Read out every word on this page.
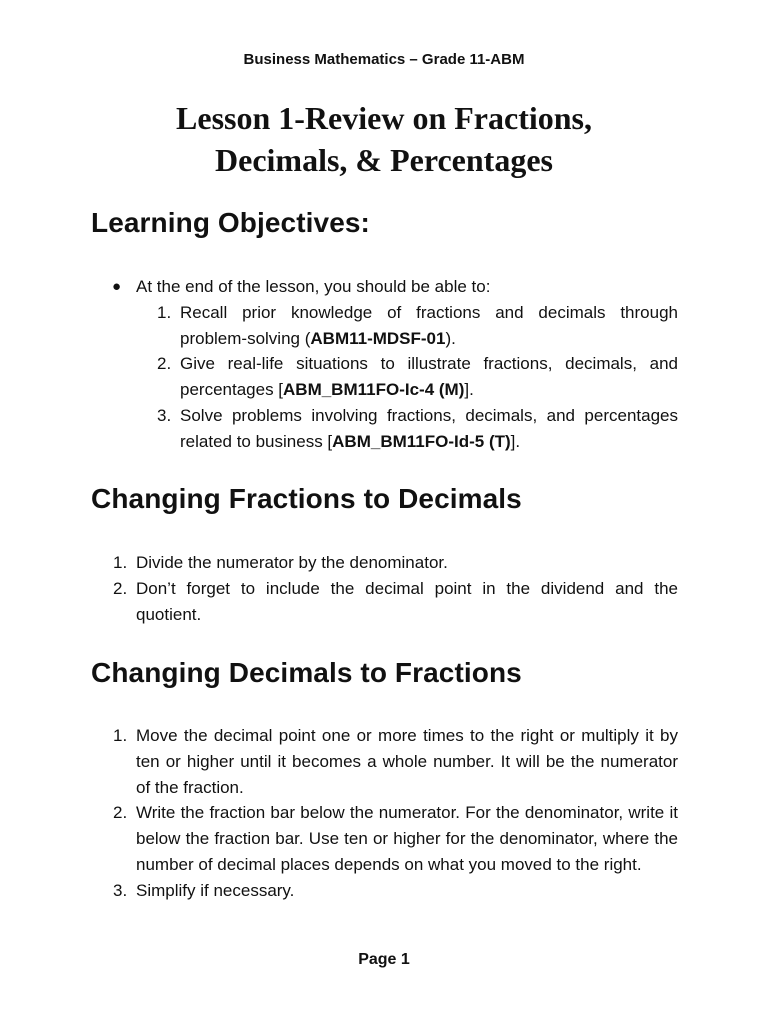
Business Mathematics – Grade 11-ABM
Lesson 1-Review on Fractions,
Decimals, & Percentages
Learning Objectives:
● At the end of the lesson, you should be able to:
1. Recall prior knowledge of fractions and decimals through problem-solving (ABM11-MDSF-01).
2. Give real-life situations to illustrate fractions, decimals, and percentages [ABM_BM11FO-Ic-4 (M)].
3. Solve problems involving fractions, decimals, and percentages related to business [ABM_BM11FO-Id-5 (T)].
Changing Fractions to Decimals
1. Divide the numerator by the denominator.
2. Don’t forget to include the decimal point in the dividend and the quotient.
Changing Decimals to Fractions
1. Move the decimal point one or more times to the right or multiply it by ten or higher until it becomes a whole number. It will be the numerator of the fraction.
2. Write the fraction bar below the numerator. For the denominator, write it below the fraction bar. Use ten or higher for the denominator, where the number of decimal places depends on what you moved to the right.
3. Simplify if necessary.
Page 1
